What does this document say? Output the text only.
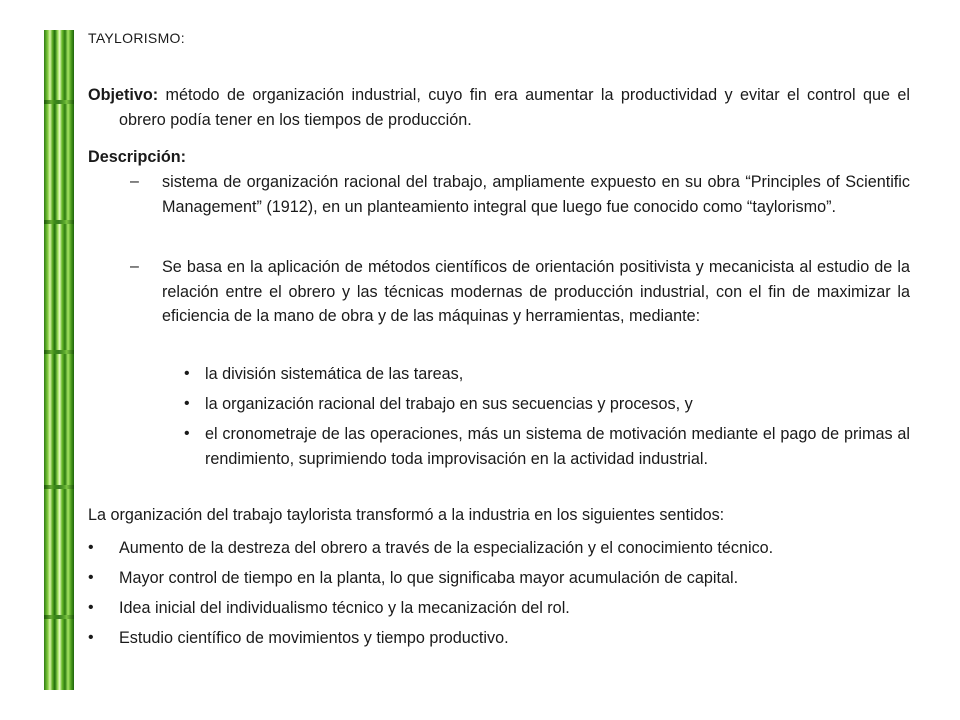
TAYLORISMO:
Objetivo: método de organización industrial, cuyo fin era aumentar la productividad y evitar el control que el obrero podía tener en los tiempos de producción.
Descripción:
– sistema de organización racional del trabajo, ampliamente expuesto en su obra “Principles of Scientific Management” (1912), en un planteamiento integral que luego fue conocido como “taylorismo”.
– Se basa en la aplicación de métodos científicos de orientación positivista y mecanicista al estudio de la relación entre el obrero y las técnicas modernas de producción industrial, con el fin de maximizar la eficiencia de la mano de obra y de las máquinas y herramientas, mediante:
• la división sistemática de las tareas,
• la organización racional del trabajo en sus secuencias y procesos, y
• el cronometraje de las operaciones, más un sistema de motivación mediante el pago de primas al rendimiento, suprimiendo toda improvisación en la actividad industrial.
La organización del trabajo taylorista transformó a la industria en los siguientes sentidos:
• Aumento de la destreza del obrero a través de la especialización y el conocimiento técnico.
• Mayor control de tiempo en la planta, lo que significaba mayor acumulación de capital.
• Idea inicial del individualismo técnico y la mecanización del rol.
• Estudio científico de movimientos y tiempo productivo.
